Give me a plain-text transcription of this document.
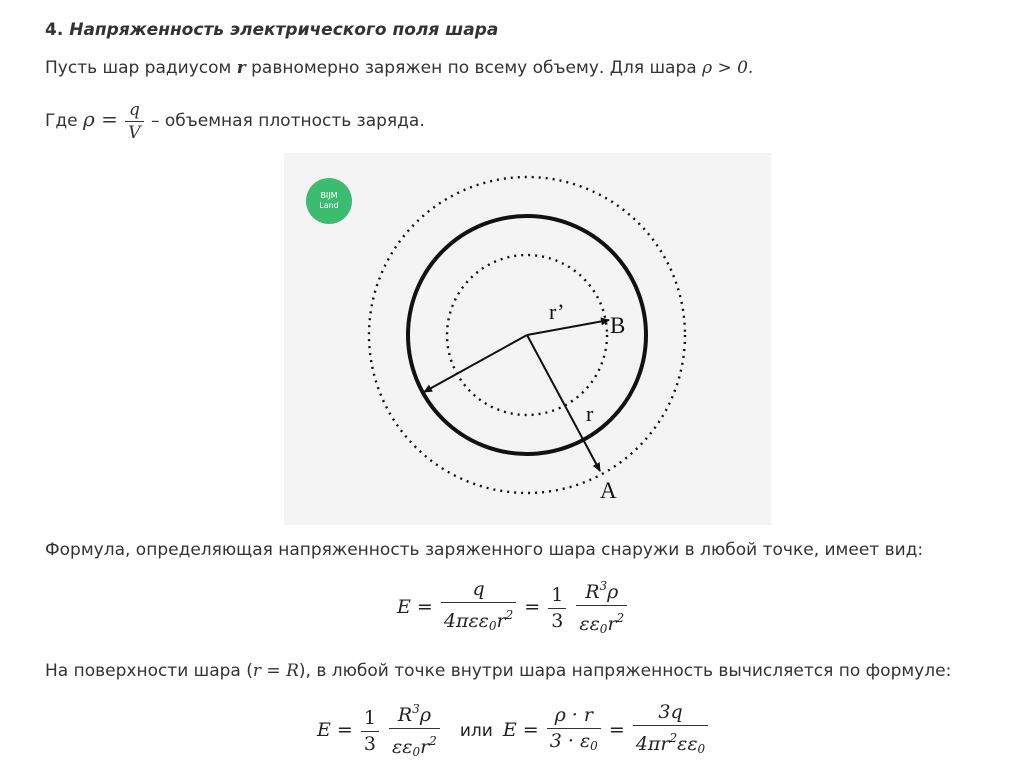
4. Напряженность электрического поля шара
Пусть шар радиусом r равномерно заряжен по всему объему. Для шара ρ > 0.
Где $\rho = \frac{q}{V}$ – объемная плотность заряда.
BIJM
Land
r’
B
r
A
Формула, определяющая напряженность заряженного шара снаружи в любой точке, имеет вид:
$E = \frac{q}{4\pi\varepsilon\varepsilon_0r^2} = \frac{1}{3}$
$\frac{R^3\rho}{\varepsilon\varepsilon_0r^2}$
На поверхности шара (r = R), в любой точке внутри шара напряженность вычисляется по формуле:
$E = \frac{1}{3}$
$\frac{R^3\rho}{\varepsilon\varepsilon_0r^2}$ или $E = \frac{\rho \cdot r}{3 \cdot \varepsilon_0} = \frac{3q}{4\pi r^2\varepsilon\varepsilon_0}$
